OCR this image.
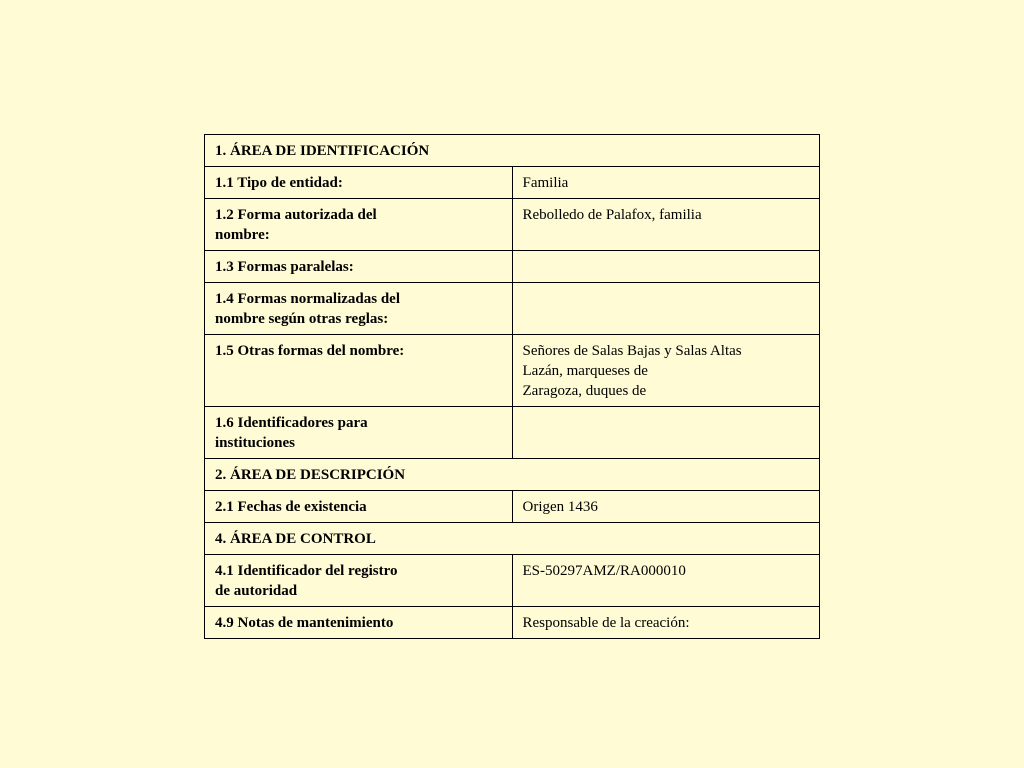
1. ÁREA DE IDENTIFICACIÓN	
1.1 Tipo de entidad:	Familia

1.2 Forma autorizada del
nombre:	Rebolledo de Palafox, familia
1.3 Formas paralelas:	

1.4 Formas normalizadas del
nombre según otras reglas:	

1.5 Otras formas del nombre:	Señores de Salas Bajas y Salas Altas
Lazán, marqueses de
Zaragoza, duques de

1.6 Identificadores para
instituciones	

2. ÁREA DE DESCRIPCIÓN	
2.1 Fechas de existencia	Origen 1436
4. ÁREA DE CONTROL	

4.1 Identificador del registro
de autoridad	ES-50297AMZ/RA000010
4.9 Notas de mantenimiento	Responsable de la creación:
